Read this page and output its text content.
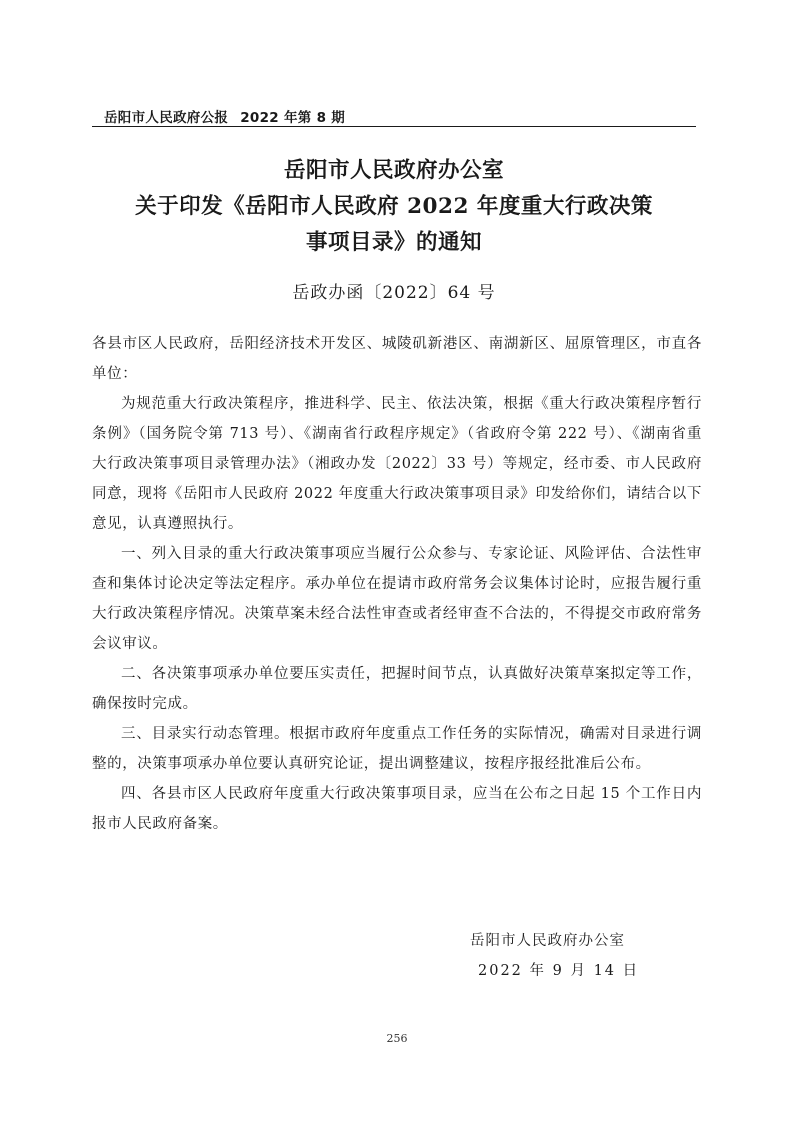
岳阳市人民政府公报 2022 年第 8 期
岳阳市人民政府办公室
关于印发《岳阳市人民政府 2022 年度重大行政决策
事项目录》的通知
岳政办函〔2022〕64 号

各县市区人民政府，岳阳经济技术开发区、城陵矶新港区、南湖新区、屈原管理区，市直各单位：

为规范重大行政决策程序，推进科学、民主、依法决策，根据《重大行政决策程序暂行条例》（国务院令第 713 号）、《湖南省行政程序规定》（省政府令第 222 号）、《湖南省重大行政决策事项目录管理办法》（湘政办发〔2022〕33 号）等规定，经市委、市人民政府同意，现将《岳阳市人民政府 2022 年度重大行政决策事项目录》印发给你们，请结合以下意见，认真遵照执行。

一、列入目录的重大行政决策事项应当履行公众参与、专家论证、风险评估、合法性审查和集体讨论决定等法定程序。承办单位在提请市政府常务会议集体讨论时，应报告履行重大行政决策程序情况。决策草案未经合法性审查或者经审查不合法的，不得提交市政府常务会议审议。

二、各决策事项承办单位要压实责任，把握时间节点，认真做好决策草案拟定等工作，确保按时完成。

三、目录实行动态管理。根据市政府年度重点工作任务的实际情况，确需对目录进行调整的，决策事项承办单位要认真研究论证，提出调整建议，按程序报经批准后公布。

四、各县市区人民政府年度重大行政决策事项目录，应当在公布之日起 15 个工作日内报市人民政府备案。

岳阳市人民政府办公室
2022 年 9 月 14 日
256
